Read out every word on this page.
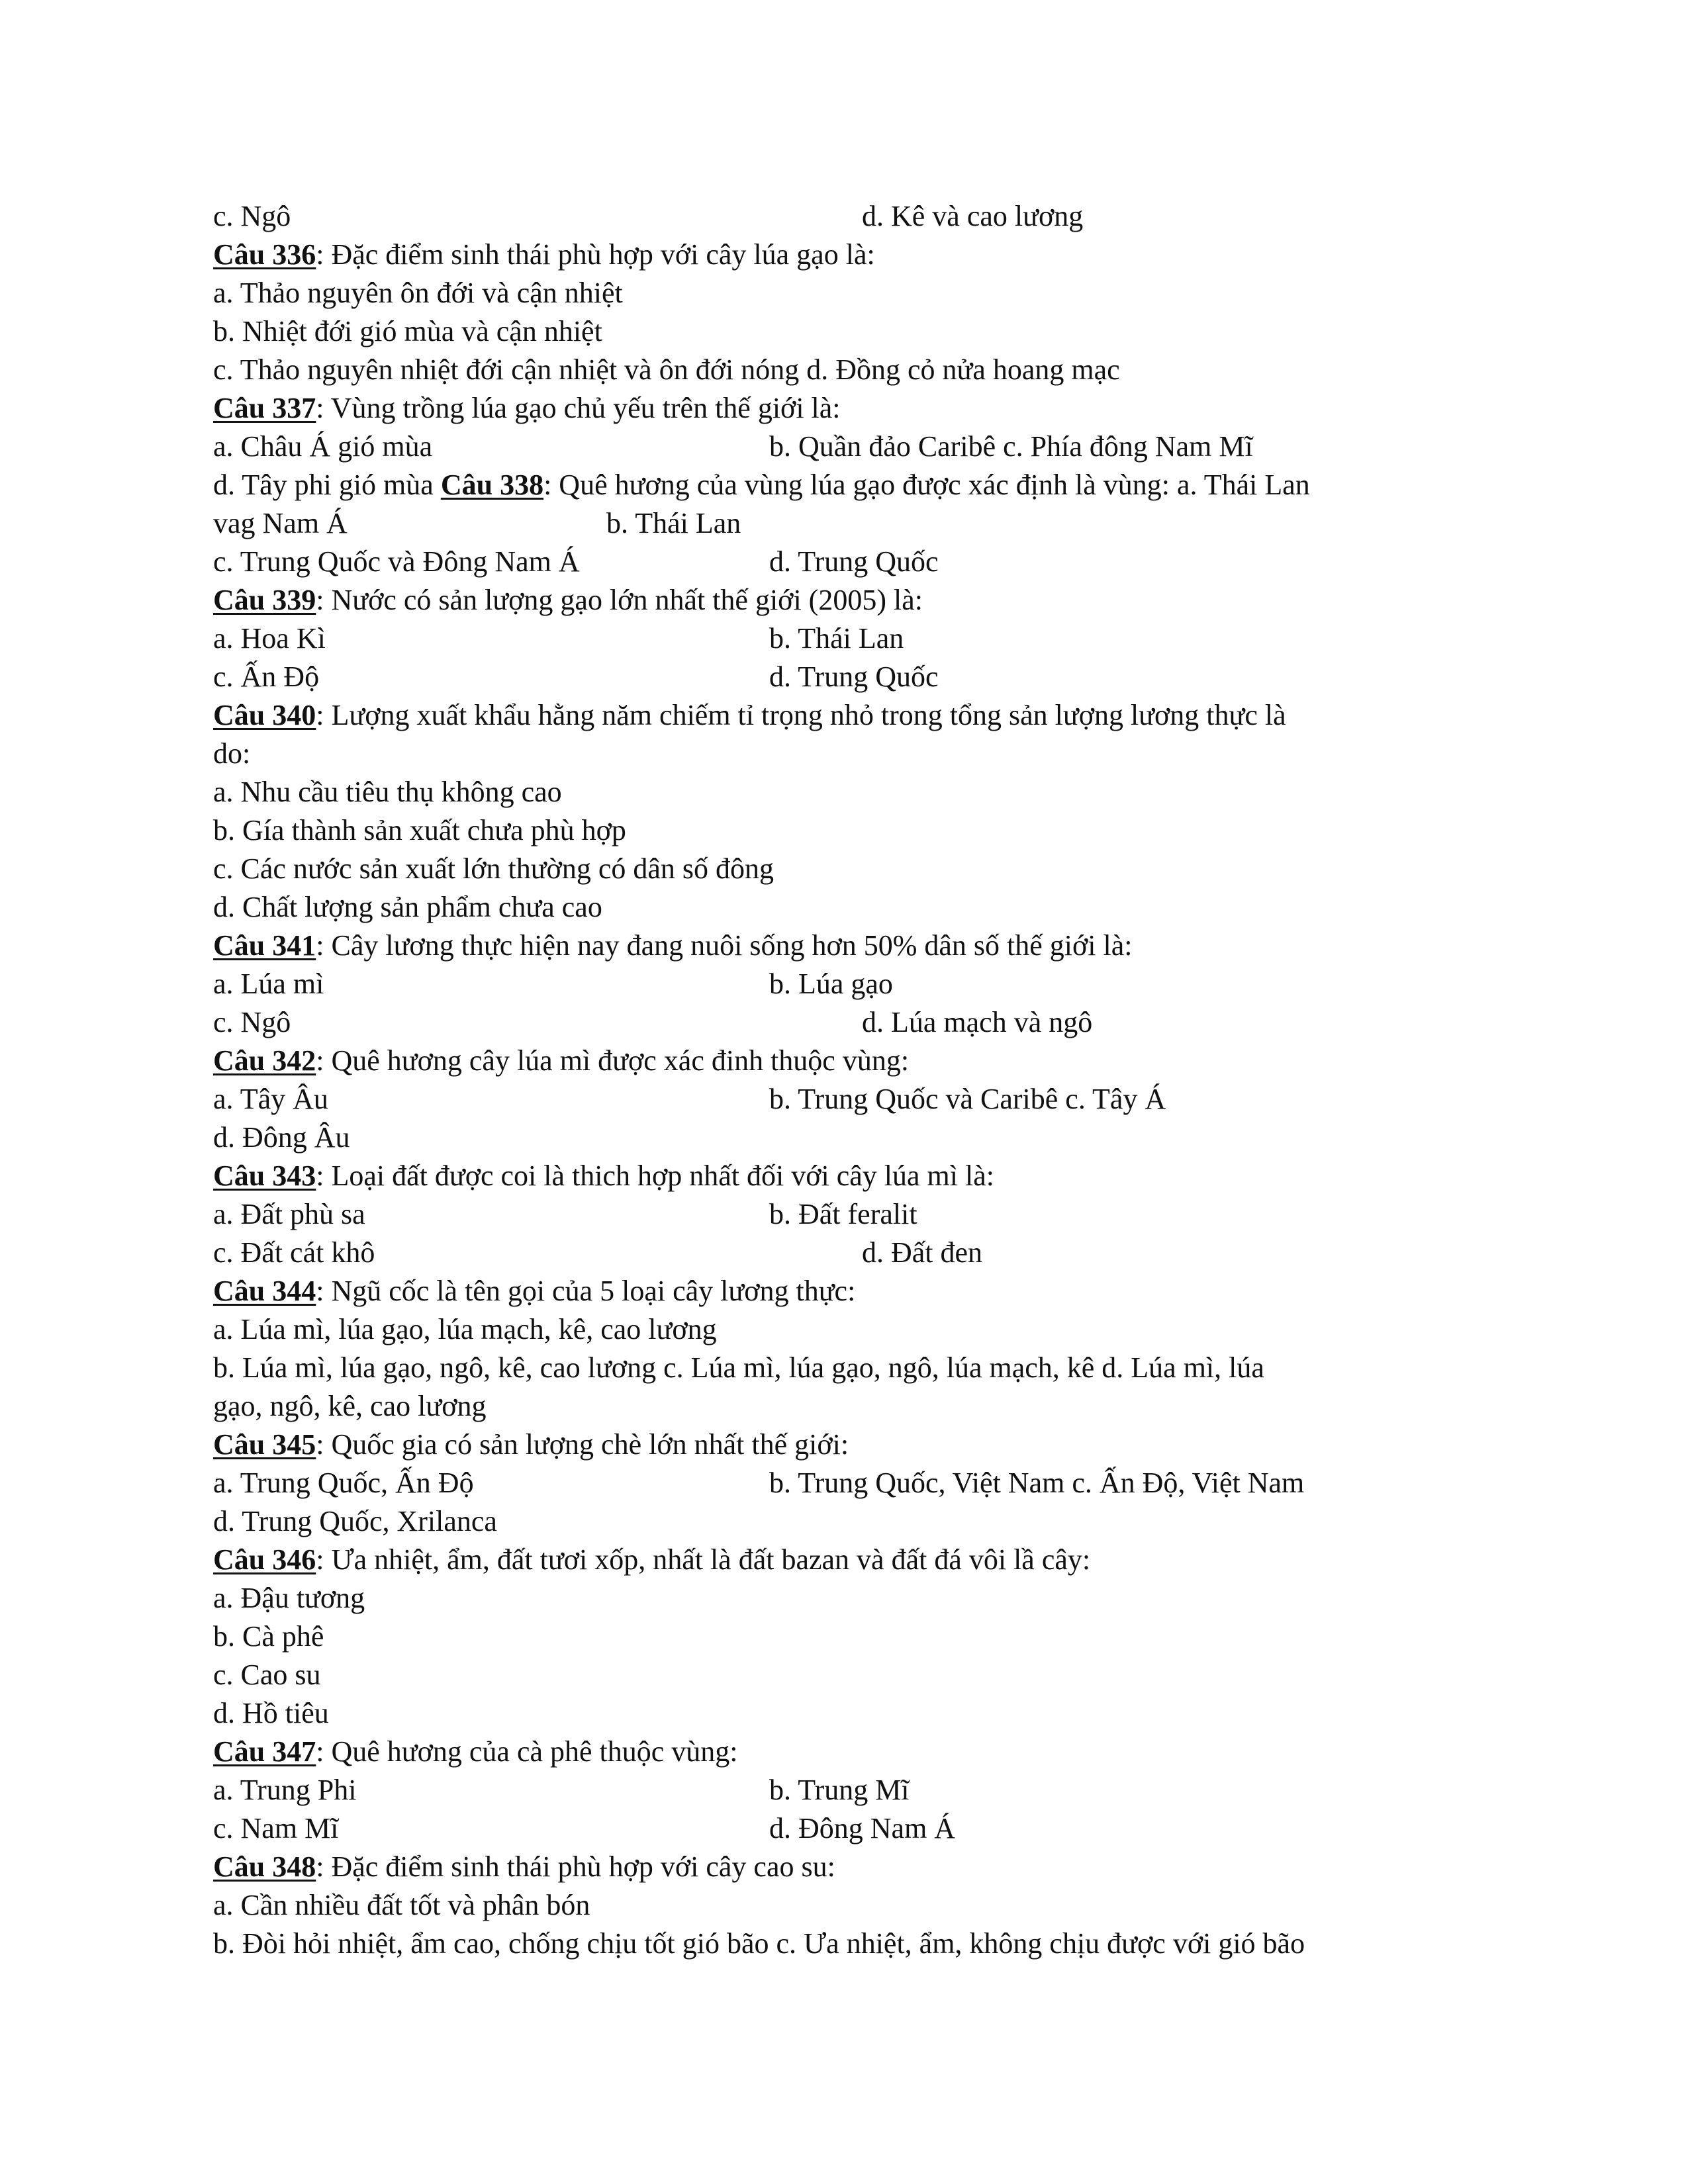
c. Ngô	d. Kê và cao lương
Câu 336: Đặc điểm sinh thái phù hợp với cây lúa gạo là:
a. Thảo nguyên ôn đới và cận nhiệt
b. Nhiệt đới gió mùa và cận nhiệt
c. Thảo nguyên nhiệt đới cận nhiệt và ôn đới nóng d. Đồng cỏ nửa hoang mạc
Câu 337: Vùng trồng lúa gạo chủ yếu trên thế giới là:
a. Châu Á gió mùa	b. Quần đảo Caribê c. Phía đông Nam Mĩ
d. Tây phi gió mùa Câu 338: Quê hương của vùng lúa gạo được xác định là vùng: a. Thái Lan
vag Nam Á	b. Thái Lan
c. Trung Quốc và Đông Nam Á	d. Trung Quốc
Câu 339: Nước có sản lượng gạo lớn nhất thế giới (2005) là:
a. Hoa Kì	b. Thái Lan
c. Ấn Độ	d. Trung Quốc
Câu 340: Lượng xuất khẩu hằng năm chiếm tỉ trọng nhỏ trong tổng sản lượng lương thực là
do:
a. Nhu cầu tiêu thụ không cao
b. Gía thành sản xuất chưa phù hợp
c. Các nước sản xuất lớn thường có dân số đông
d. Chất lượng sản phẩm chưa cao
Câu 341: Cây lương thực hiện nay đang nuôi sống hơn 50% dân số thế giới là:
a. Lúa mì	b. Lúa gạo
c. Ngô	d. Lúa mạch và ngô
Câu 342: Quê hương cây lúa mì được xác đinh thuộc vùng:
a. Tây Âu	b. Trung Quốc và Caribê c. Tây Á
d. Đông Âu
Câu 343: Loại đất được coi là thich hợp nhất đối với cây lúa mì là:
a. Đất phù sa	b. Đất feralit
c. Đất cát khô	d. Đất đen
Câu 344: Ngũ cốc là tên gọi của 5 loại cây lương thực:
a. Lúa mì, lúa gạo, lúa mạch, kê, cao lương
b. Lúa mì, lúa gạo, ngô, kê, cao lương c. Lúa mì, lúa gạo, ngô, lúa mạch, kê d. Lúa mì, lúa
gạo, ngô, kê, cao lương
Câu 345: Quốc gia có sản lượng chè lớn nhất thế giới:
a. Trung Quốc, Ấn Độ	b. Trung Quốc, Việt Nam c. Ấn Độ, Việt Nam
d. Trung Quốc, Xrilanca
Câu 346: Ưa nhiệt, ẩm, đất tươi xốp, nhất là đất bazan và đất đá vôi lầ cây:
a. Đậu tương
b. Cà phê
c. Cao su
d. Hồ tiêu
Câu 347: Quê hương của cà phê thuộc vùng:
a. Trung Phi	b. Trung Mĩ
c. Nam Mĩ	d. Đông Nam Á
Câu 348: Đặc điểm sinh thái phù hợp với cây cao su:
a. Cần nhiều đất tốt và phân bón
b. Đòi hỏi nhiệt, ẩm cao, chống chịu tốt gió bão c. Ưa nhiệt, ẩm, không chịu được với gió bão
